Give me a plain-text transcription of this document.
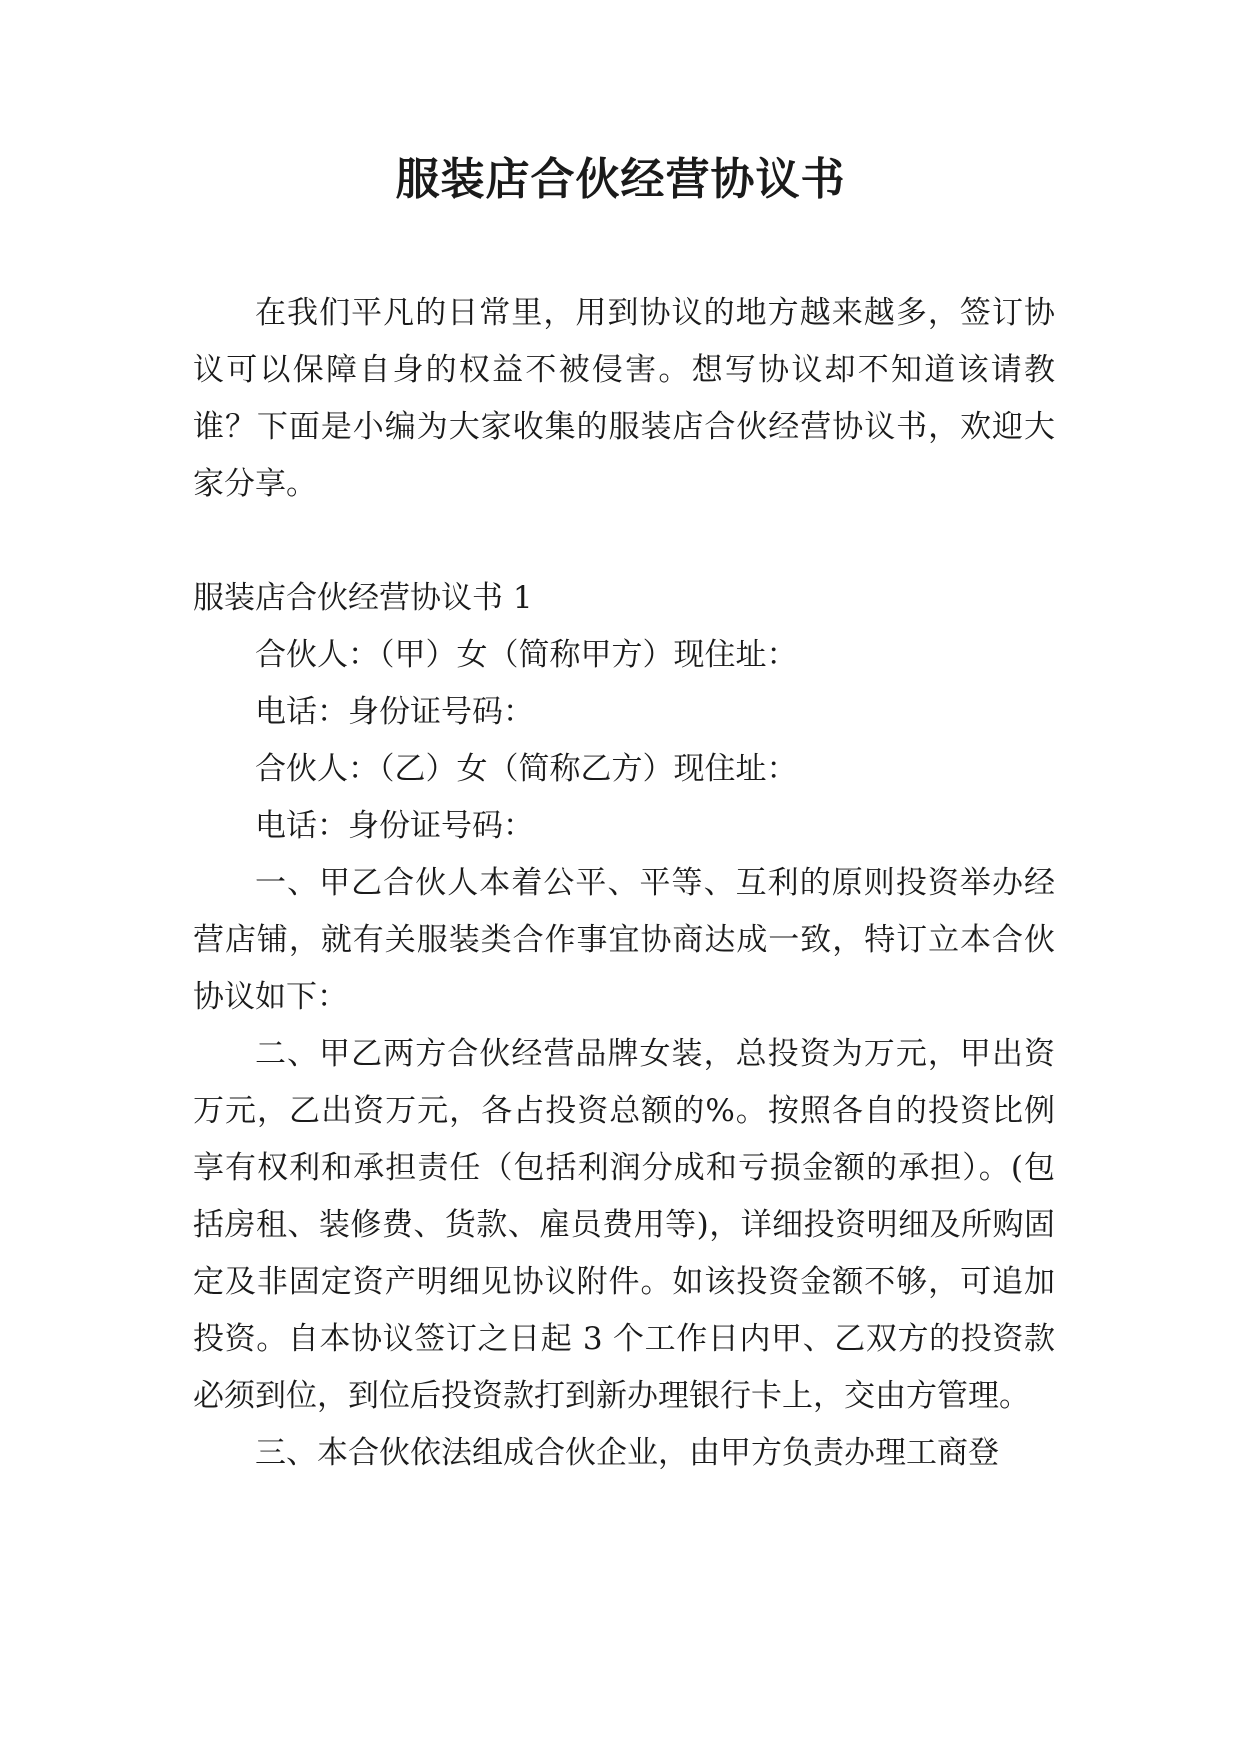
服装店合伙经营协议书

在我们平凡的日常里，用到协议的地方越来越多，签订协议可以保障自身的权益不被侵害。想写协议却不知道该请教谁？下面是小编为大家收集的服装店合伙经营协议书，欢迎大家分享。

服装店合伙经营协议书 1

合伙人：（甲）女（简称甲方）现住址：

电话：身份证号码：

合伙人：（乙）女（简称乙方）现住址：

电话：身份证号码：

一、甲乙合伙人本着公平、平等、互利的原则投资举办经营店铺，就有关服装类合作事宜协商达成一致，特订立本合伙协议如下：

二、甲乙两方合伙经营品牌女装，总投资为万元，甲出资万元，乙出资万元，各占投资总额的%。按照各自的投资比例享有权利和承担责任（包括利润分成和亏损金额的承担）。(包括房租、装修费、货款、雇员费用等)，详细投资明细及所购固定及非固定资产明细见协议附件。如该投资金额不够，可追加投资。自本协议签订之日起 3 个工作日内甲、乙双方的投资款必须到位，到位后投资款打到新办理银行卡上，交由方管理。

三、本合伙依法组成合伙企业，由甲方负责办理工商登
